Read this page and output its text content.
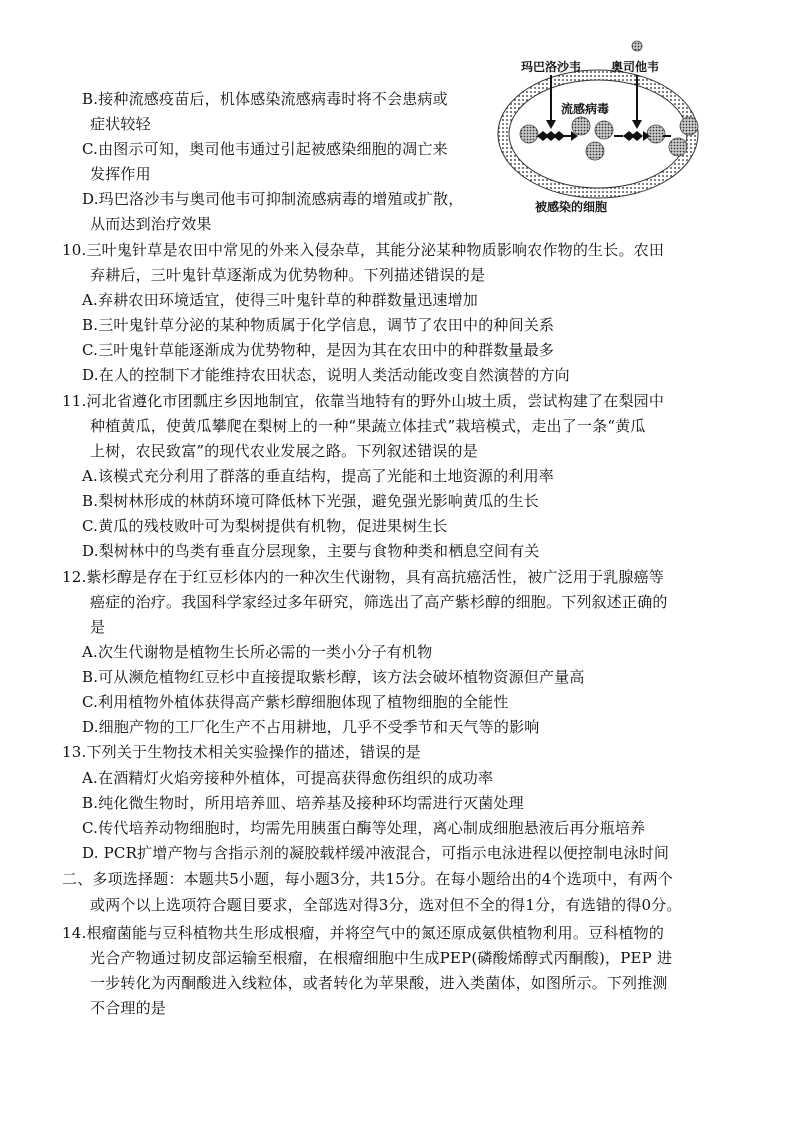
玛巴洛沙韦 奥司他韦
流感病毒
被感染的细胞
B.接种流感疫苗后，机体感染流感病毒时将不会患病或
症状较轻
C.由图示可知，奥司他韦通过引起被感染细胞的凋亡来
发挥作用
D.玛巴洛沙韦与奥司他韦可抑制流感病毒的增殖或扩散，
从而达到治疗效果
10.三叶鬼针草是农田中常见的外来入侵杂草，其能分泌某种物质影响农作物的生长。农田
弃耕后，三叶鬼针草逐渐成为优势物种。下列描述错误的是
A.弃耕农田环境适宜，使得三叶鬼针草的种群数量迅速增加
B.三叶鬼针草分泌的某种物质属于化学信息，调节了农田中的种间关系
C.三叶鬼针草能逐渐成为优势物种，是因为其在农田中的种群数量最多
D.在人的控制下才能维持农田状态，说明人类活动能改变自然演替的方向
11.河北省遵化市团瓢庄乡因地制宜，依靠当地特有的野外山坡土质，尝试构建了在梨园中
种植黄瓜，使黄瓜攀爬在梨树上的一种“果蔬立体挂式”栽培模式，走出了一条“黄瓜
上树，农民致富”的现代农业发展之路。下列叙述错误的是
A.该模式充分利用了群落的垂直结构，提高了光能和土地资源的利用率
B.梨树林形成的林荫环境可降低林下光强，避免强光影响黄瓜的生长
C.黄瓜的残枝败叶可为梨树提供有机物，促进果树生长
D.梨树林中的鸟类有垂直分层现象，主要与食物种类和栖息空间有关
12.紫杉醇是存在于红豆杉体内的一种次生代谢物，具有高抗癌活性，被广泛用于乳腺癌等
癌症的治疗。我国科学家经过多年研究，筛选出了高产紫杉醇的细胞。下列叙述正确的
是
A.次生代谢物是植物生长所必需的一类小分子有机物
B.可从濒危植物红豆杉中直接提取紫杉醇，该方法会破坏植物资源但产量高
C.利用植物外植体获得高产紫杉醇细胞体现了植物细胞的全能性
D.细胞产物的工厂化生产不占用耕地，几乎不受季节和天气等的影响
13.下列关于生物技术相关实验操作的描述，错误的是
A.在酒精灯火焰旁接种外植体，可提高获得愈伤组织的成功率
B.纯化微生物时，所用培养皿、培养基及接种环均需进行灭菌处理
C.传代培养动物细胞时，均需先用胰蛋白酶等处理，离心制成细胞悬液后再分瓶培养
D. PCR扩增产物与含指示剂的凝胶载样缓冲液混合，可指示电泳进程以便控制电泳时间
二、多项选择题：本题共5小题，每小题3分，共15分。在每小题给出的4个选项中，有两个
或两个以上选项符合题目要求，全部选对得3分，选对但不全的得1分，有选错的得0分。
14.根瘤菌能与豆科植物共生形成根瘤，并将空气中的氮还原成氨供植物利用。豆科植物的
光合产物通过韧皮部运输至根瘤，在根瘤细胞中生成PEP(磷酸烯醇式丙酮酸)，PEP 进
一步转化为丙酮酸进入线粒体，或者转化为苹果酸，进入类菌体，如图所示。下列推测
不合理的是
